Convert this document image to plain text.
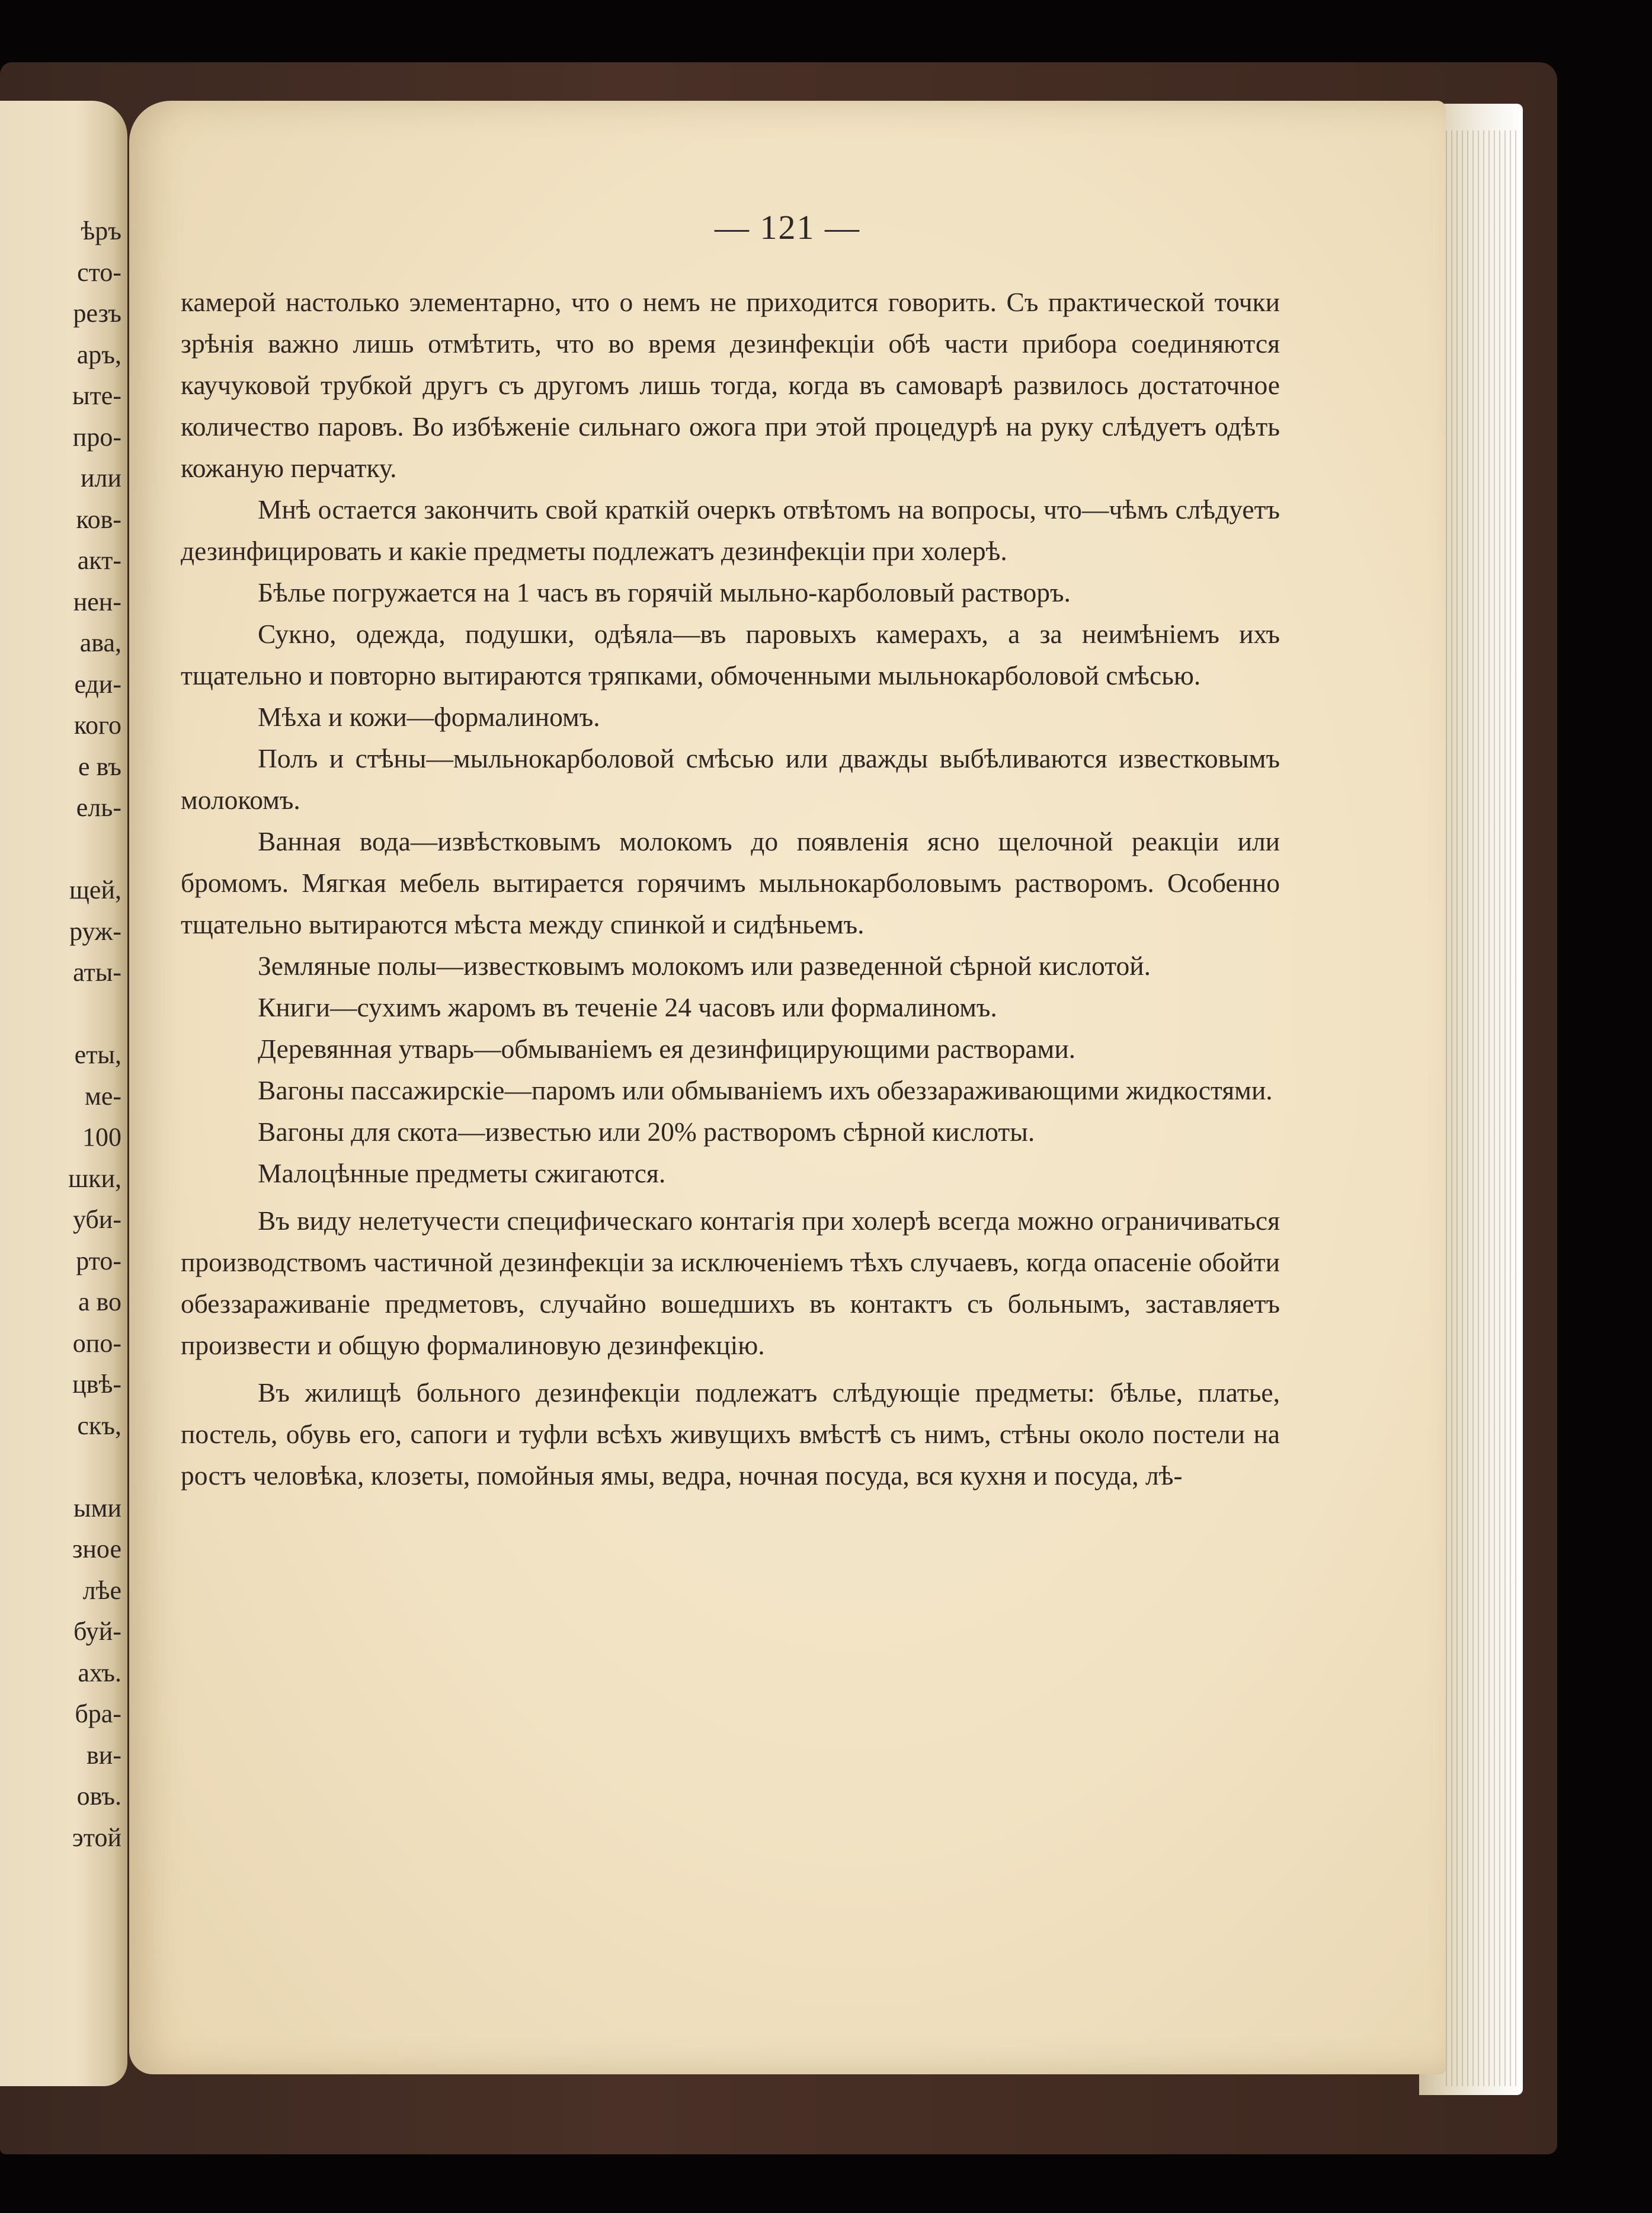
ѣръ
сто-
резъ
аръ,
ыте-
про-
или
ков-
акт-
нен-
ава,
еди-
кого
е въ
ель-
щей,
руж-
аты-
еты,
ме-
100
шки,
уби-
рто-
а во
опо-
цвѣ-
скъ,
ыми
зное
лѣе
буй-
ахъ.
бра-
ви-
овъ.
этой
— 121 —

камерой настолько элементарно, что о немъ не приходится говорить. Съ практической точки зрѣнія важно лишь отмѣтить, что во время дезинфекціи обѣ части прибора соединяются каучуковой трубкой другъ съ другомъ лишь тогда, когда въ самоварѣ развилось достаточное количество паровъ. Во избѣжeніе сильнаго ожога при этой процедурѣ на руку слѣдуетъ одѣть кожаную перчатку.

Мнѣ остается закончить свой краткій очеркъ отвѣтомъ на вопросы, что—чѣмъ слѣдуетъ дезинфицировать и какіе предметы подлежатъ дезинфекціи при холерѣ.

Бѣлье погружается на 1 часъ въ горячій мыльно-карболовый растворъ.

Сукно, одежда, подушки, одѣяла—въ паровыхъ камерахъ, а за неимѣніемъ ихъ тщательно и повторно вытираются тряпками, обмоченными мыльнокарболовой смѣсью.

Мѣха и кожи—формалиномъ.

Полъ и стѣны—мыльнокарболовой смѣсью или дважды выбѣливаются известковымъ молокомъ.

Ванная вода—извѣстковымъ молокомъ до появленія ясно щелочной реакціи или бромомъ. Мягкая мебель вытирается горячимъ мыльнокарболовымъ растворомъ. Особенно тщательно вытираются мѣста между спинкой и сидѣньемъ.

Земляные полы—известковымъ молокомъ или разведенной сѣрной кислотой.

Книги—сухимъ жаромъ въ теченіе 24 часовъ или формалиномъ.

Деревянная утварь—обмываніемъ ея дезинфицирующими растворами.

Вагоны пассажирскіе—паромъ или обмываніемъ ихъ обеззараживающими жидкостями.

Вагоны для скота—известью или 20% растворомъ сѣрной кислоты.

Малоцѣнные предметы сжигаются.

Въ виду нелетучести специфическаго контагія при холерѣ всегда можно ограничиваться производствомъ частичной дезинфекціи за исключеніемъ тѣхъ случаевъ, когда опасеніе обойти обеззараживаніе предметовъ, случайно вошедшихъ въ контактъ съ больнымъ, заставляетъ произвести и общую формалиновую дезинфекцію.

Въ жилищѣ больного дезинфекціи подлежатъ слѣдующіе предметы: бѣлье, платье, постель, обувь его, сапоги и туфли всѣхъ живущихъ вмѣстѣ съ нимъ, стѣны около постели на ростъ человѣка, клозеты, помойныя ямы, ведра, ночная посуда, вся кухня и посуда, лѣ-
